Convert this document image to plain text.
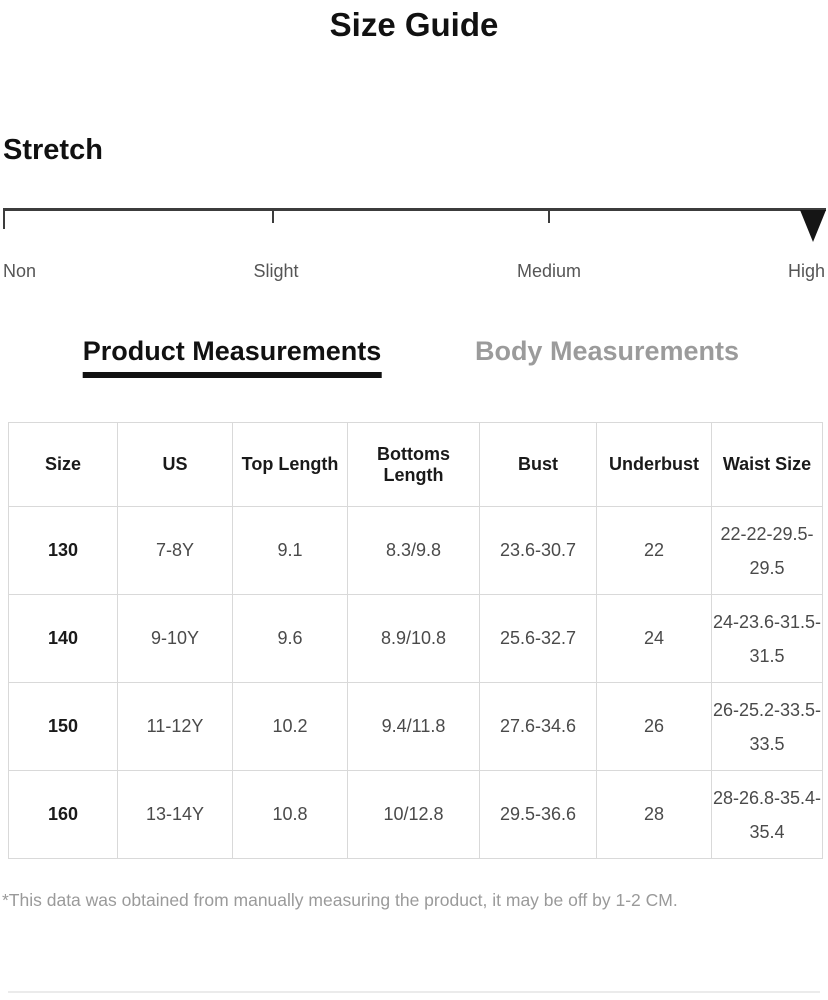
Size Guide
Stretch
Non	Slight	Medium	High
Product Measurements	Body Measurements
Size	US	Top Length	Bottoms Length	Bust	Underbust	Waist Size
130	7-8Y	9.1	8.3/9.8	23.6-30.7	22	22-22-29.5-
29.5
140	9-10Y	9.6	8.9/10.8	25.6-32.7	24	24-23.6-31.5-
31.5
150	11-12Y	10.2	9.4/11.8	27.6-34.6	26	26-25.2-33.5-
33.5
160	13-14Y	10.8	10/12.8	29.5-36.6	28	28-26.8-35.4-
35.4
*This data was obtained from manually measuring the product, it may be off by 1-2 CM.
